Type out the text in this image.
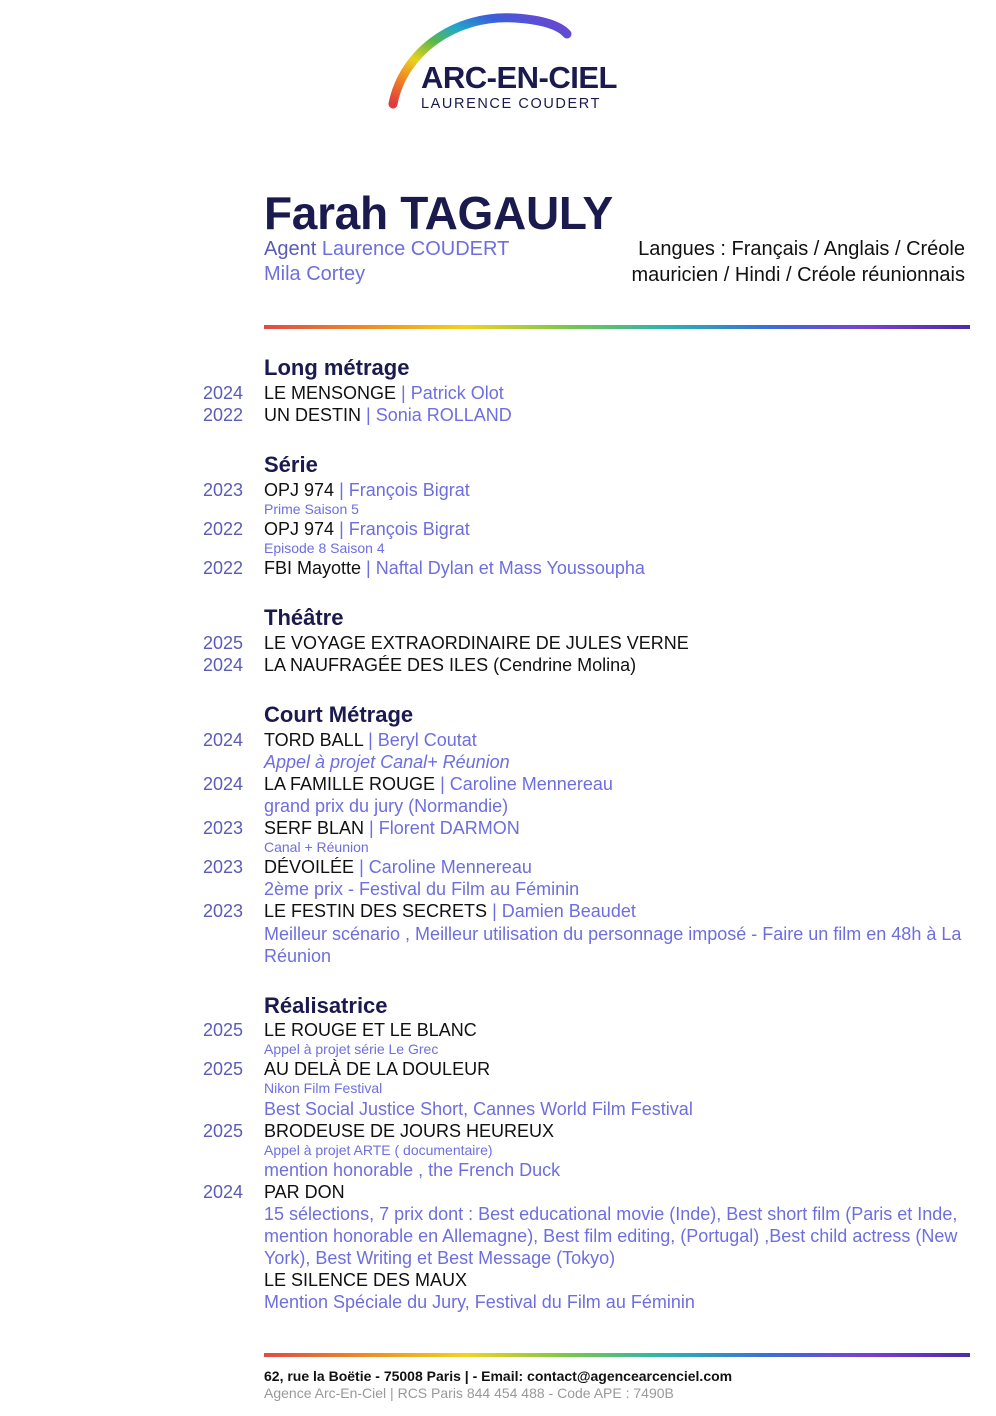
ARC-EN-CIEL
LAURENCE COUDERT
Farah TAGAULY
Agent Laurence COUDERT
Mila Cortey
Langues : Français / Anglais / Créole mauricien / Hindi / Créole réunionnais
Long métrage
2024 LE MENSONGE | Patrick Olot
2022 UN DESTIN | Sonia ROLLAND
Série
2023 OPJ 974 | François Bigrat
Prime Saison 5
2022 OPJ 974 | François Bigrat
Episode 8 Saison 4
2022 FBI Mayotte | Naftal Dylan et Mass Youssoupha
Théâtre
2025 LE VOYAGE EXTRAORDINAIRE DE JULES VERNE
2024 LA NAUFRAGÉE DES ILES (Cendrine Molina)
Court Métrage
2024 TORD BALL | Beryl Coutat
Appel à projet Canal+ Réunion
2024 LA FAMILLE ROUGE | Caroline Mennereau
grand prix du jury (Normandie)
2023 SERF BLAN | Florent DARMON
Canal + Réunion
2023 DÉVOILÉE | Caroline Mennereau
2ème prix - Festival du Film au Féminin
2023 LE FESTIN DES SECRETS | Damien Beaudet
Meilleur scénario , Meilleur utilisation du personnage imposé - Faire un film en 48h à La Réunion
Réalisatrice
2025 LE ROUGE ET LE BLANC
Appel à projet série Le Grec
2025 AU DELÀ DE LA DOULEUR
Nikon Film Festival
Best Social Justice Short, Cannes World Film Festival
2025 BRODEUSE DE JOURS HEUREUX
Appel à projet ARTE ( documentaire)
mention honorable , the French Duck
2024 PAR DON
15 sélections, 7 prix dont : Best educational movie (Inde), Best short film (Paris et Inde, mention honorable en Allemagne), Best film editing, (Portugal) ,Best child actress (New York), Best Writing et Best Message (Tokyo)
LE SILENCE DES MAUX
Mention Spéciale du Jury, Festival du Film au Féminin
62, rue la Boëtie - 75008 Paris | - Email: contact@agencearcenciel.com
Agence Arc-En-Ciel | RCS Paris 844 454 488 - Code APE : 7490B
